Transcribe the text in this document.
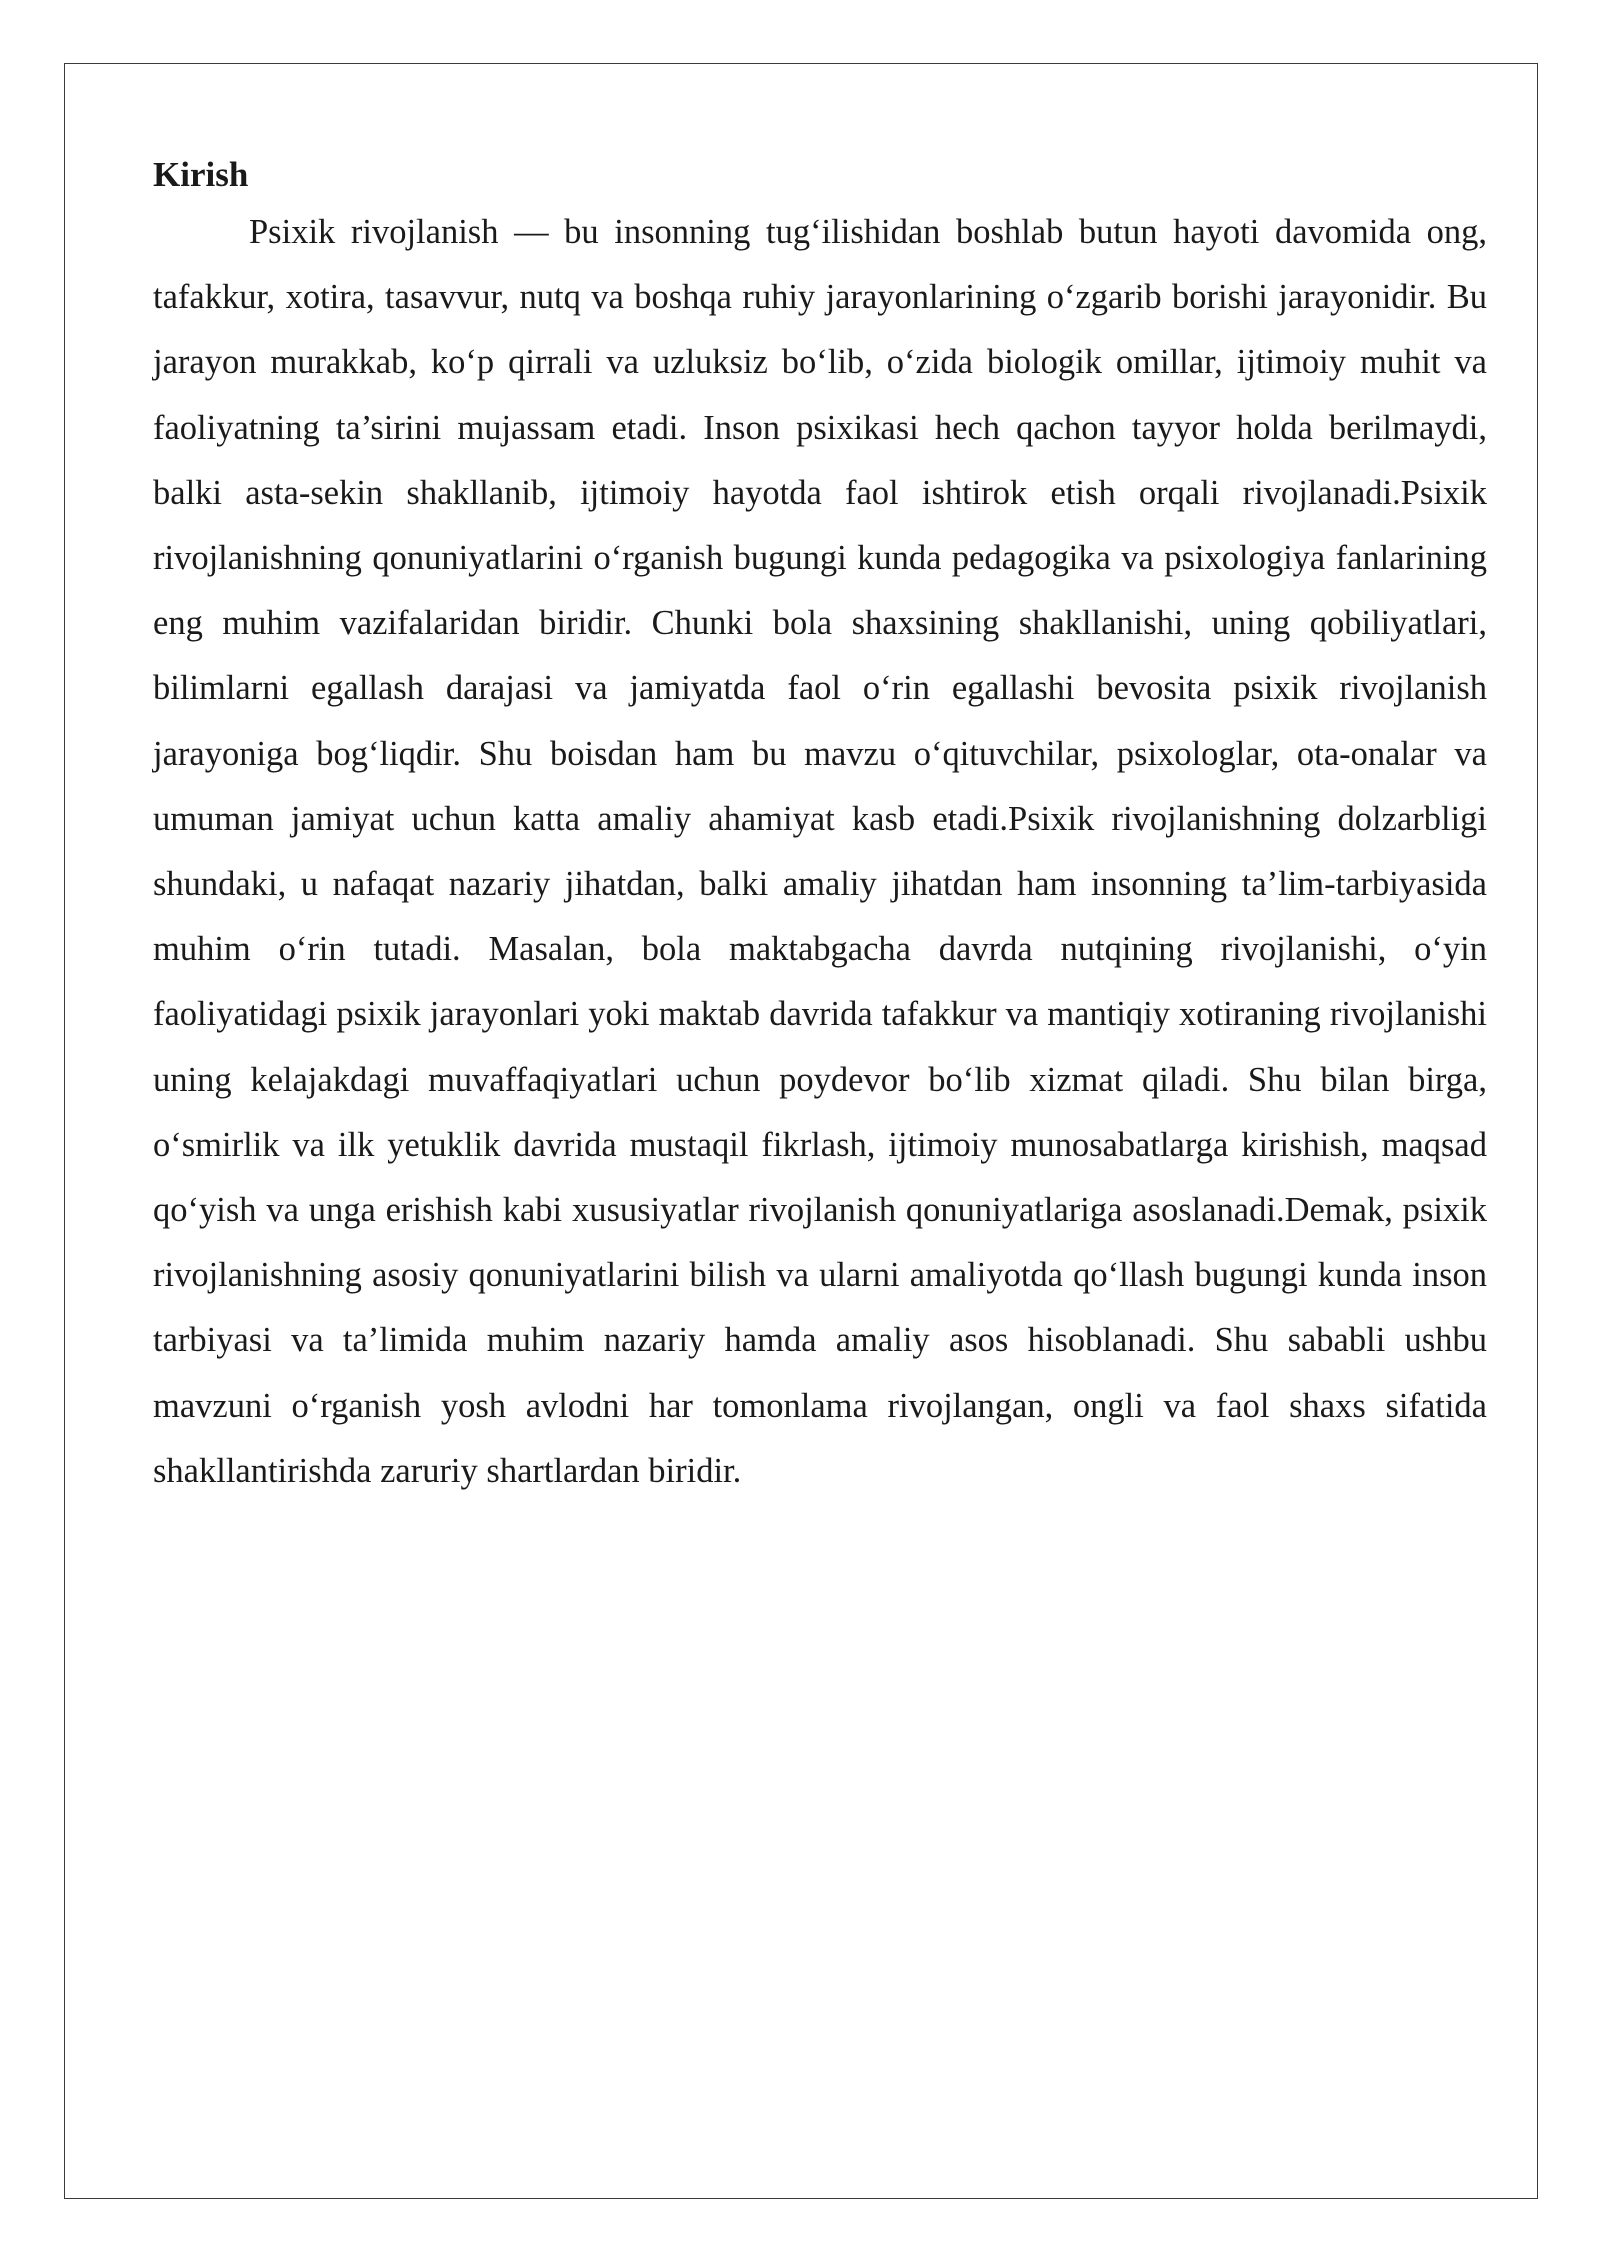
Kirish

Psixik rivojlanish — bu insonning tug‘ilishidan boshlab butun hayoti davomida ong, tafakkur, xotira, tasavvur, nutq va boshqa ruhiy jarayonlarining o‘zgarib borishi jarayonidir. Bu jarayon murakkab, ko‘p qirrali va uzluksiz bo‘lib, o‘zida biologik omillar, ijtimoiy muhit va faoliyatning ta’sirini mujassam etadi. Inson psixikasi hech qachon tayyor holda berilmaydi, balki asta-sekin shakllanib, ijtimoiy hayotda faol ishtirok etish orqali rivojlanadi.Psixik rivojlanishning qonuniyatlarini o‘rganish bugungi kunda pedagogika va psixologiya fanlarining eng muhim vazifalaridan biridir. Chunki bola shaxsining shakllanishi, uning qobiliyatlari, bilimlarni egallash darajasi va jamiyatda faol o‘rin egallashi bevosita psixik rivojlanish jarayoniga bog‘liqdir. Shu boisdan ham bu mavzu o‘qituvchilar, psixologlar, ota-onalar va umuman jamiyat uchun katta amaliy ahamiyat kasb etadi.Psixik rivojlanishning dolzarbligi shundaki, u nafaqat nazariy jihatdan, balki amaliy jihatdan ham insonning ta’lim-tarbiyasida muhim o‘rin tutadi. Masalan, bola maktabgacha davrda nutqining rivojlanishi, o‘yin faoliyatidagi psixik jarayonlari yoki maktab davrida tafakkur va mantiqiy xotiraning rivojlanishi uning kelajakdagi muvaffaqiyatlari uchun poydevor bo‘lib xizmat qiladi. Shu bilan birga, o‘smirlik va ilk yetuklik davrida mustaqil fikrlash, ijtimoiy munosabatlarga kirishish, maqsad qo‘yish va unga erishish kabi xususiyatlar rivojlanish qonuniyatlariga asoslanadi.Demak, psixik rivojlanishning asosiy qonuniyatlarini bilish va ularni amaliyotda qo‘llash bugungi kunda inson tarbiyasi va ta’limida muhim nazariy hamda amaliy asos hisoblanadi. Shu sababli ushbu mavzuni o‘rganish yosh avlodni har tomonlama rivojlangan, ongli va faol shaxs sifatida shakllantirishda zaruriy shartlardan biridir.
